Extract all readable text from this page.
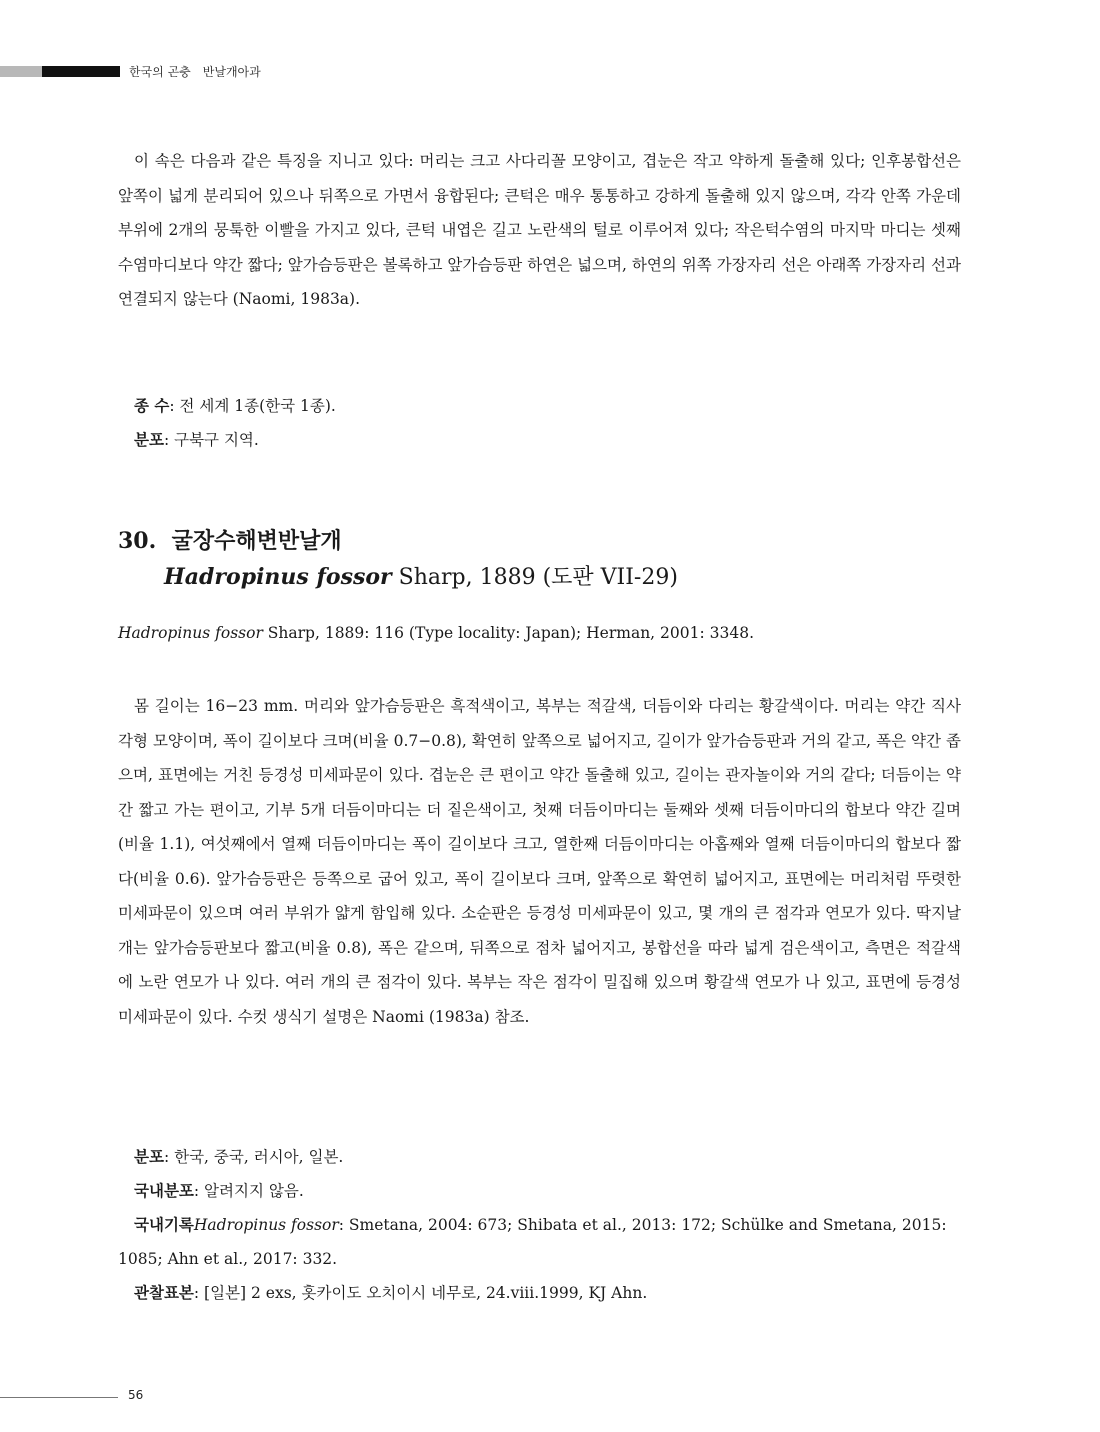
한국의 곤충 반날개아과

이 속은 다음과 같은 특징을 지니고 있다: 머리는 크고 사다리꼴 모양이고, 겹눈은 작고 약하게 돌출해 있다; 인후봉합선은 앞쪽이 넓게 분리되어 있으나 뒤쪽으로 가면서 융합된다; 큰턱은 매우 통통하고 강하게 돌출해 있지 않으며, 각각 안쪽 가운데 부위에 2개의 뭉툭한 이빨을 가지고 있다, 큰턱 내엽은 길고 노란색의 털로 이루어져 있다; 작은턱수염의 마지막 마디는 셋째 수염마디보다 약간 짧다; 앞가슴등판은 볼록하고 앞가슴등판 하연은 넓으며, 하연의 위쪽 가장자리 선은 아래쪽 가장자리 선과 연결되지 않는다 (Naomi, 1983a).

종 수: 전 세계 1종(한국 1종).
분포: 구북구 지역.
30. 굴장수해변반날개
Hadropinus fossor Sharp, 1889 (도판 VII-29)
Hadropinus fossor Sharp, 1889: 116 (Type locality: Japan); Herman, 2001: 3348.

몸 길이는 16−23 mm. 머리와 앞가슴등판은 흑적색이고, 복부는 적갈색, 더듬이와 다리는 황갈색이다. 머리는 약간 직사각형 모양이며, 폭이 길이보다 크며(비율 0.7−0.8), 확연히 앞쪽으로 넓어지고, 길이가 앞가슴등판과 거의 같고, 폭은 약간 좁으며, 표면에는 거친 등경성 미세파문이 있다. 겹눈은 큰 편이고 약간 돌출해 있고, 길이는 관자놀이와 거의 같다; 더듬이는 약간 짧고 가는 편이고, 기부 5개 더듬이마디는 더 짙은색이고, 첫째 더듬이마디는 둘째와 셋째 더듬이마디의 합보다 약간 길며(비율 1.1), 여섯째에서 열째 더듬이마디는 폭이 길이보다 크고, 열한째 더듬이마디는 아홉째와 열째 더듬이마디의 합보다 짧다(비율 0.6). 앞가슴등판은 등쪽으로 굽어 있고, 폭이 길이보다 크며, 앞쪽으로 확연히 넓어지고, 표면에는 머리처럼 뚜렷한 미세파문이 있으며 여러 부위가 얇게 함입해 있다. 소순판은 등경성 미세파문이 있고, 몇 개의 큰 점각과 연모가 있다. 딱지날개는 앞가슴등판보다 짧고(비율 0.8), 폭은 같으며, 뒤쪽으로 점차 넓어지고, 봉합선을 따라 넓게 검은색이고, 측면은 적갈색에 노란 연모가 나 있다. 여러 개의 큰 점각이 있다. 복부는 작은 점각이 밀집해 있으며 황갈색 연모가 나 있고, 표면에 등경성 미세파문이 있다. 수컷 생식기 설명은 Naomi (1983a) 참조.

분포: 한국, 중국, 러시아, 일본.
국내분포: 알려지지 않음.

국내기록Hadropinus fossor: Smetana, 2004: 673; Shibata et al., 2013: 172; Schülke and Smetana, 2015: 1085; Ahn et al., 2017: 332.

관찰표본: [일본] 2 exs, 홋카이도 오치이시 네무로, 24.viii.1999, KJ Ahn.
56
